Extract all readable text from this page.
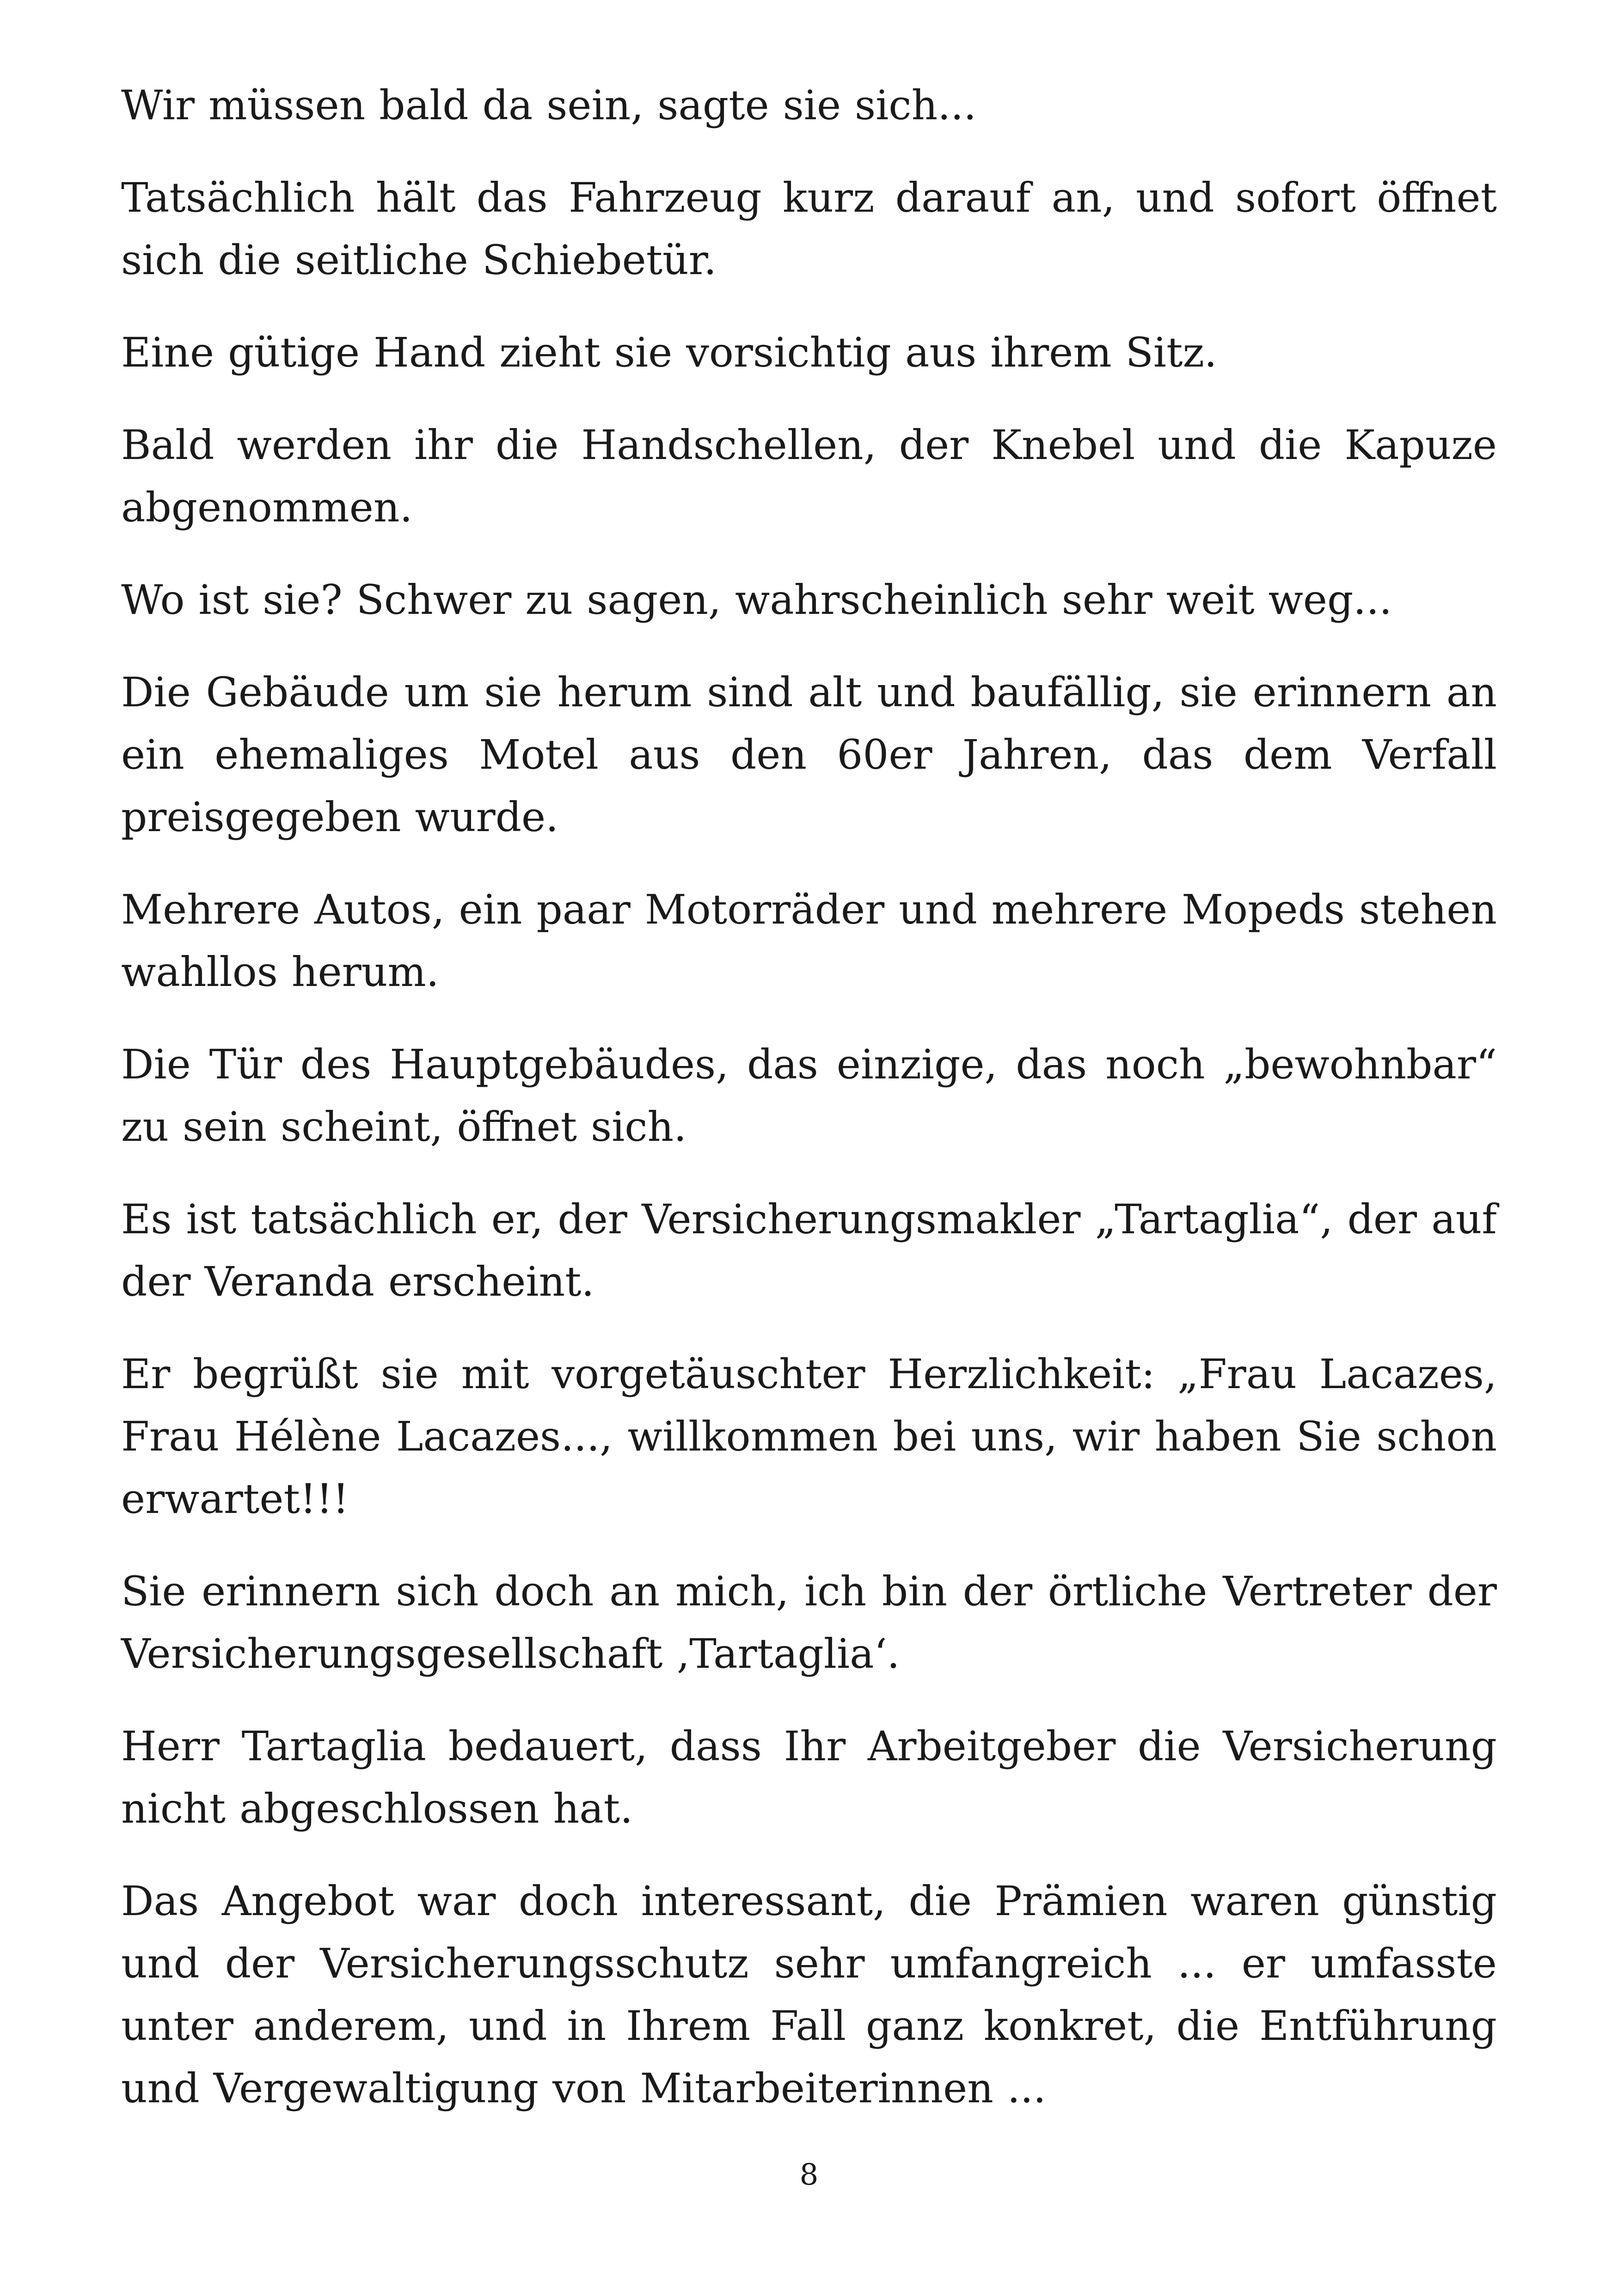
Wir müssen bald da sein, sagte sie sich...

Tatsächlich hält das Fahrzeug kurz darauf an, und sofort öffnet sich die seitliche Schiebetür.

Eine gütige Hand zieht sie vorsichtig aus ihrem Sitz.

Bald werden ihr die Handschellen, der Knebel und die Kapuze abgenommen.

Wo ist sie? Schwer zu sagen, wahrscheinlich sehr weit weg...

Die Gebäude um sie herum sind alt und baufällig, sie erinnern an ein ehemaliges Motel aus den 60er Jahren, das dem Verfall preisgegeben wurde.

Mehrere Autos, ein paar Motorräder und mehrere Mopeds stehen wahllos herum.

Die Tür des Hauptgebäudes, das einzige, das noch „bewohnbar“ zu sein scheint, öffnet sich.

Es ist tatsächlich er, der Versicherungsmakler „Tartaglia“, der auf der Veranda erscheint.

Er begrüßt sie mit vorgetäuschter Herzlichkeit: „Frau Lacazes, Frau Hélène Lacazes..., willkommen bei uns, wir haben Sie schon erwartet!!!

Sie erinnern sich doch an mich, ich bin der örtliche Vertreter der Versicherungsgesellschaft ‚Tartaglia‘.

Herr Tartaglia bedauert, dass Ihr Arbeitgeber die Versicherung nicht abgeschlossen hat.

Das Angebot war doch interessant, die Prämien waren günstig und der Versicherungsschutz sehr umfangreich ... er umfasste unter anderem, und in Ihrem Fall ganz konkret, die Entführung und Vergewaltigung von Mitarbeiterinnen ...

8
